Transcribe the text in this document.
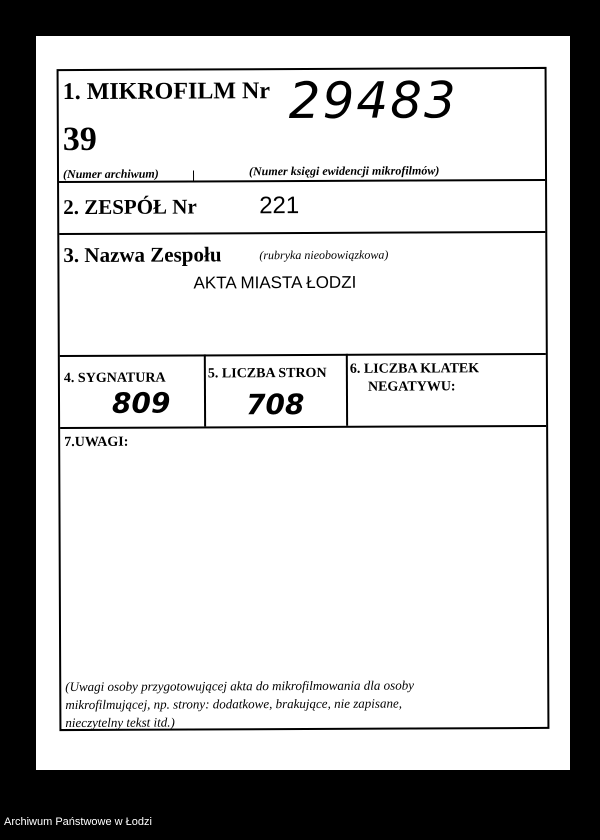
1. MIKROFILM Nr 29483
39
(Numer archiwum)	(Numer księgi ewidencji mikrofilmów)
2. ZESPÓŁ Nr	221
3. Nazwa Zespołu	(rubryka nieobowiązkowa)
AKTA MIASTA ŁODZI
4. SYGNATURA
809
5. LICZBA STRON
708
6. LICZBA KLATEK
NEGATYWU:
7.UWAGI:
(Uwagi osoby przygotowującej akta do mikrofilmowania dla osoby
mikrofilmującej, np. strony: dodatkowe, brakujące, nie zapisane,
nieczytelny tekst itd.)
Archiwum Państwowe w Łodzi
